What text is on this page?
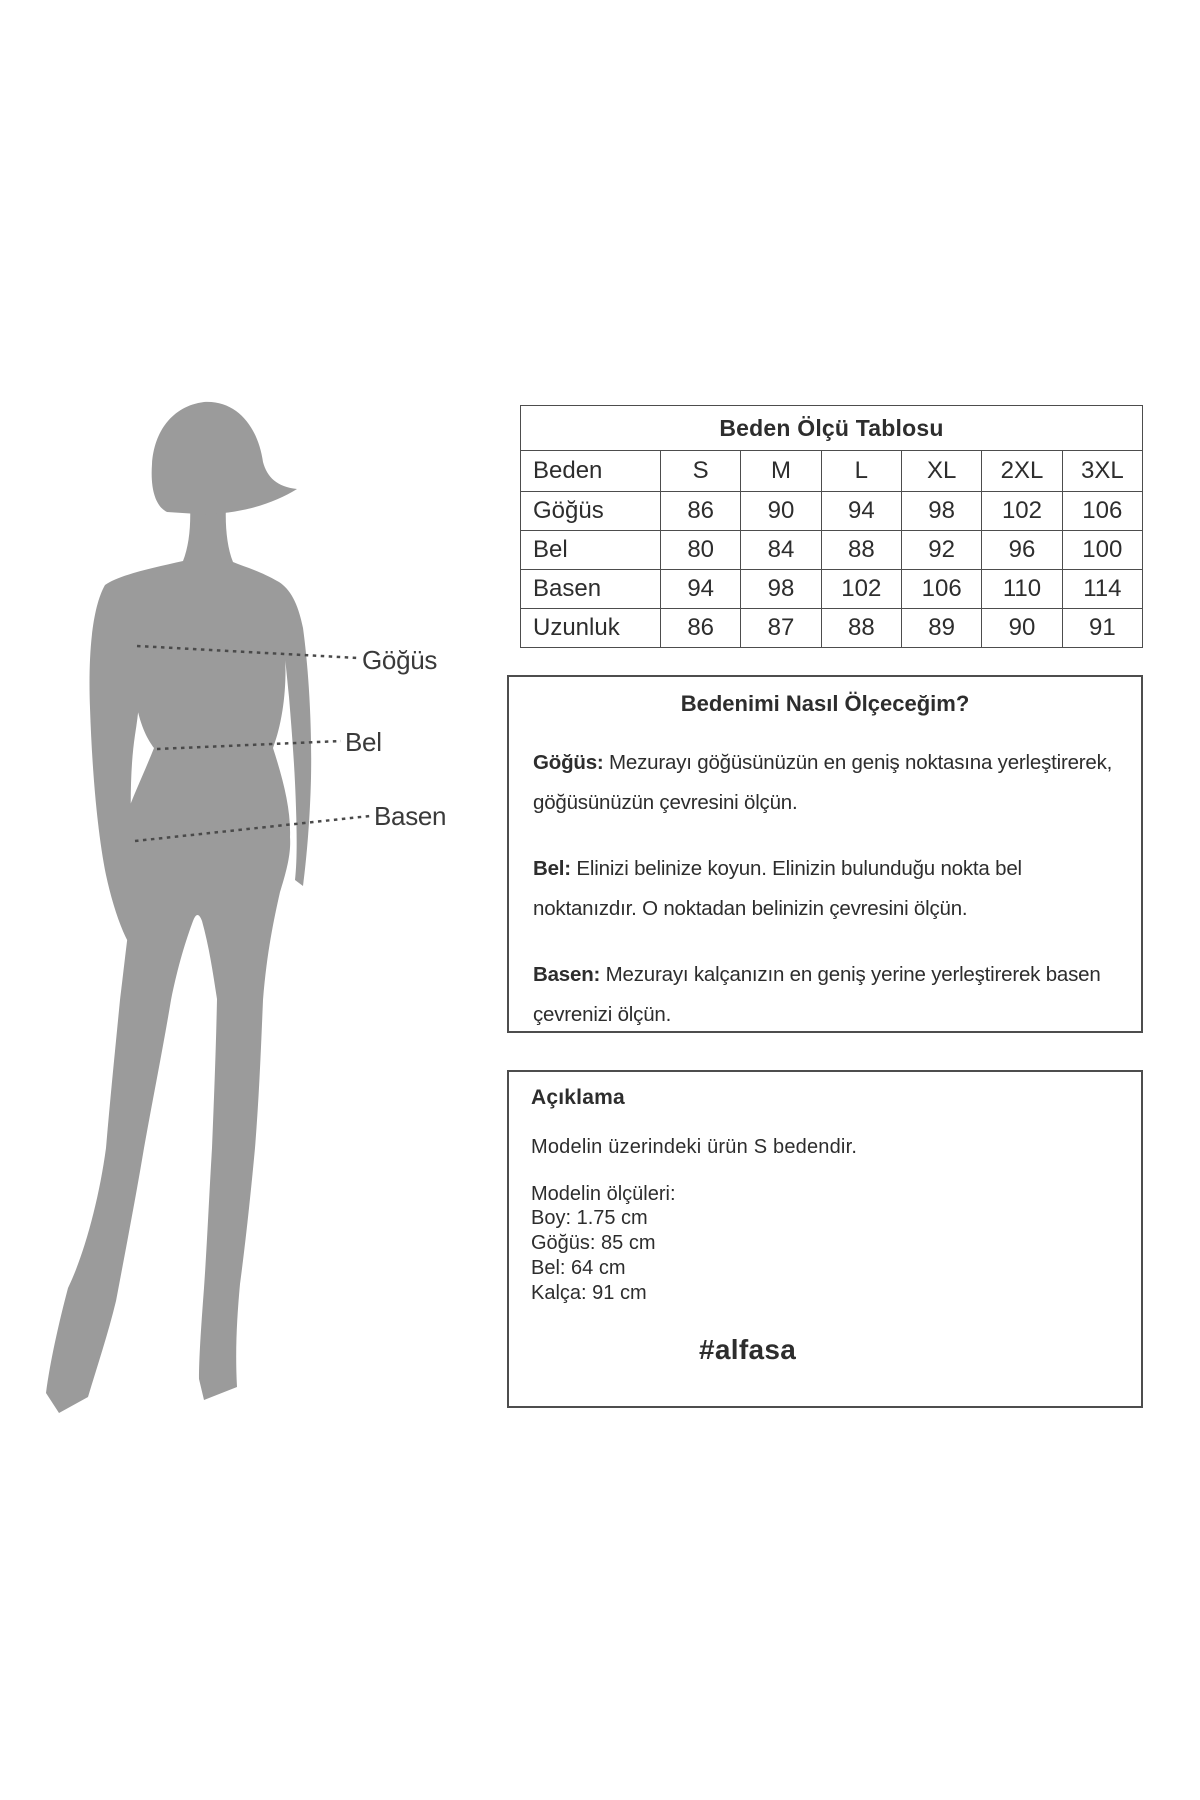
Göğüs
Bel
Basen
Beden Ölçü Tablosu						
Beden	S	M	L	XL	2XL	3XL
Göğüs	86	90	94	98	102	106
Bel	80	84	88	92	96	100
Basen	94	98	102	106	110	114
Uzunluk	86	87	88	89	90	91
Bedenimi Nasıl Ölçeceğim?

Göğüs: Mezurayı göğüsünüzün en geniş noktasına yerleştirerek, göğüsünüzün çevresini ölçün.

Bel: Elinizi belinize koyun. Elinizin bulunduğu nokta bel noktanızdır. O noktadan belinizin çevresini ölçün.

Basen: Mezurayı kalçanızın en geniş yerine yerleştirerek basen çevrenizi ölçün.

Açıklama
Modelin üzerindeki ürün S bedendir.
Modelin ölçüleri:
Boy: 1.75 cm
Göğüs: 85 cm
Bel: 64 cm
Kalça: 91 cm
#alfasa
